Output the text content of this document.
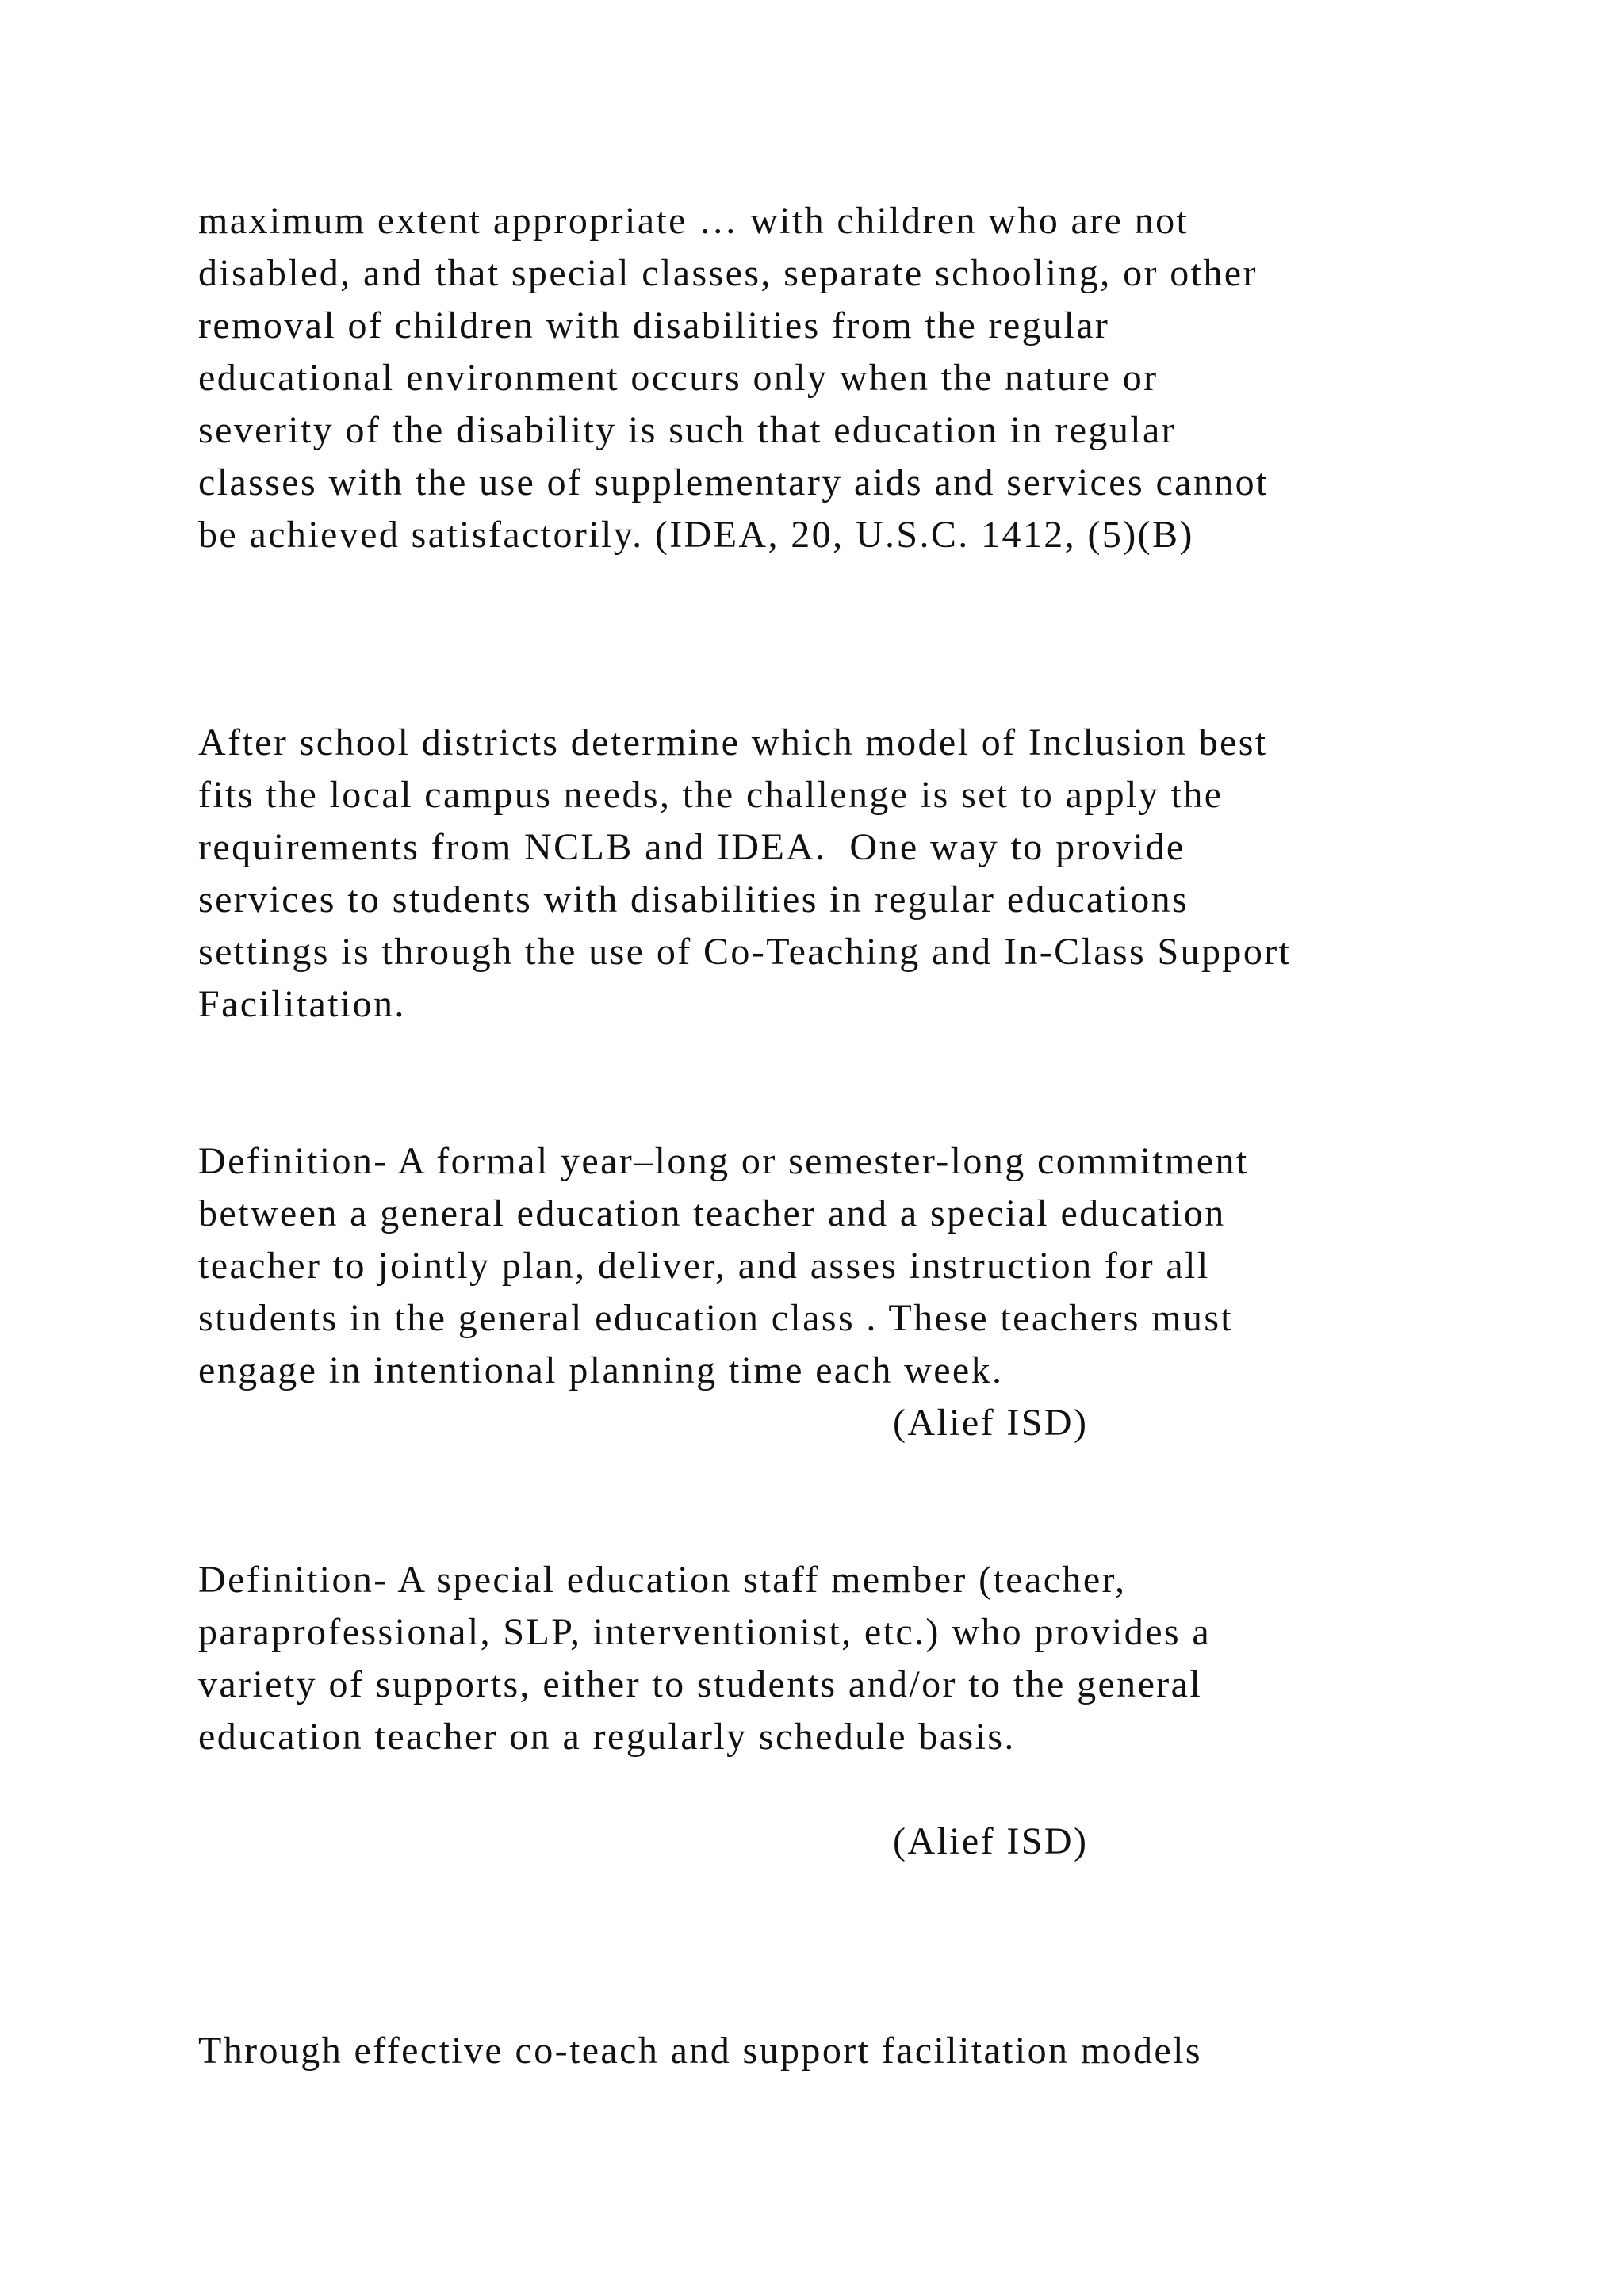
maximum extent appropriate … with children who are not

disabled, and that special classes, separate schooling, or other

removal of children with disabilities from the regular

educational environment occurs only when the nature or

severity of the disability is such that education in regular

classes with the use of supplementary aids and services cannot

be achieved satisfactorily. (IDEA, 20, U.S.C. 1412, (5)(B)

After school districts determine which model of Inclusion best

fits the local campus needs, the challenge is set to apply the

requirements from NCLB and IDEA.  One way to provide

services to students with disabilities in regular educations

settings is through the use of Co-Teaching and In-Class Support

Facilitation.

Definition- A formal year–long or semester-long commitment

between a general education teacher and a special education

teacher to jointly plan, deliver, and asses instruction for all

students in the general education class . These teachers must

engage in intentional planning time each week.

(Alief ISD)

Definition- A special education staff member (teacher,

paraprofessional, SLP, interventionist, etc.) who provides a

variety of supports, either to students and/or to the general

education teacher on a regularly schedule basis.

(Alief ISD)

Through effective co-teach and support facilitation models
